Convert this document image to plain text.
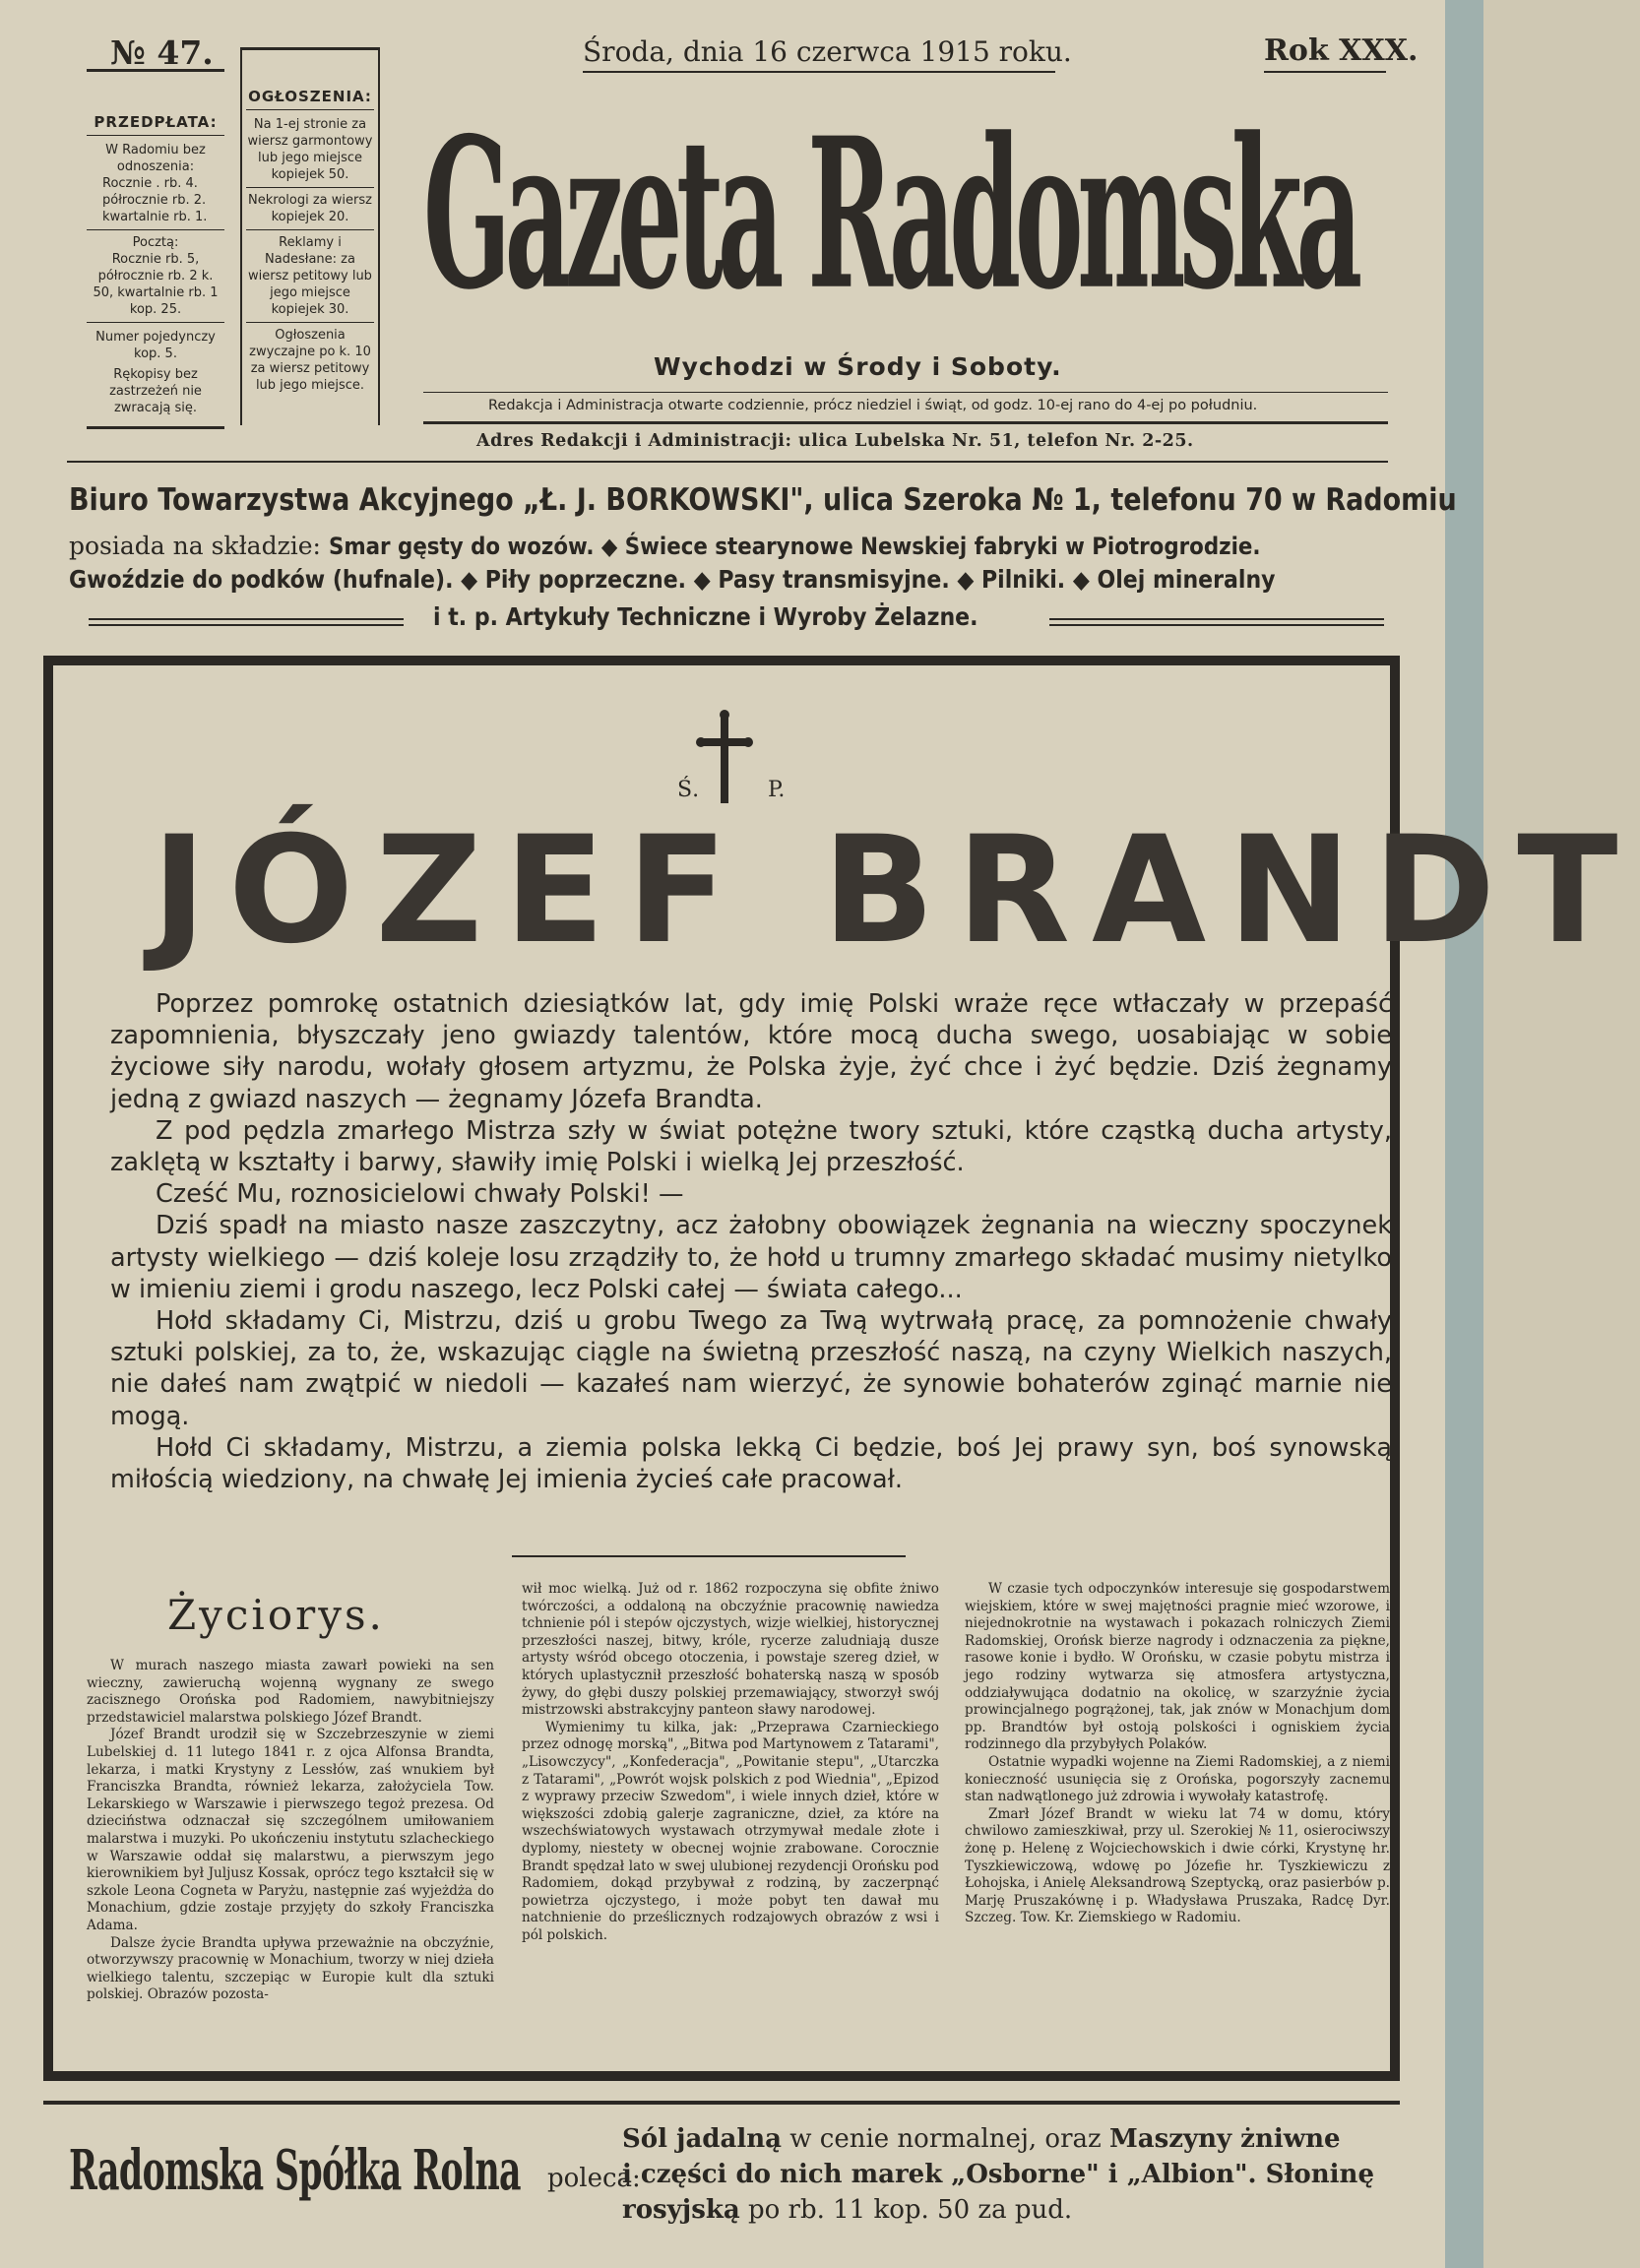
№ 47.	Środa, dnia 16 czerwca 1915 roku.	Rok XXX.
PRZEDPŁATA:
W Radomiu bez odnoszenia:
Rocznie . rb. 4.
półrocznie rb. 2.
kwartalnie rb. 1.
Pocztą:
Rocznie rb. 5, półrocznie rb. 2 k. 50, kwartalnie rb. 1 kop. 25.
Numer pojedynczy kop. 5.
Rękopisy bez zastrzeżeń nie zwracają się.
OGŁOSZENIA:
Na 1-ej stronie za wiersz garmontowy lub jego miejsce kopiejek 50.
Nekrologi za wiersz kopiejek 20.
Reklamy i Nadesłane: za wiersz petitowy lub jego miejsce kopiejek 30.
Ogłoszenia zwyczajne po k. 10 za wiersz petitowy lub jego miejsce.
Gazeta Radomska
Wychodzi w Środy i Soboty.
Redakcja i Administracja otwarte codziennie, prócz niedziel i świąt, od godz. 10-ej rano do 4-ej po południu.
Adres Redakcji i Administracji: ulica Lubelska Nr. 51, telefon Nr. 2-25.
Biuro Towarzystwa Akcyjnego „Ł. J. BORKOWSKI", ulica Szeroka № 1, telefonu 70 w Radomiu
posiada na składzie: Smar gęsty do wozów. ◆ Świece stearynowe Newskiej fabryki w Piotrogrodzie.
Gwoździe do podków (hufnale). ◆ Piły poprzeczne. ◆ Pasy transmisyjne. ◆ Pilniki. ◆ Olej mineralny
i t. p. Artykuły Techniczne i Wyroby Żelazne.
Ś.	P.
JÓZEF BRANDT

Poprzez pomrokę ostatnich dziesiątków lat, gdy imię Polski wraże ręce wtłaczały w przepaść zapomnienia, błyszczały jeno gwiazdy talentów, które mocą ducha swego, uosabiając w sobie życiowe siły narodu, wołały głosem artyzmu, że Polska żyje, żyć chce i żyć będzie. Dziś żegnamy jedną z gwiazd naszych — żegnamy Józefa Brandta.

Z pod pędzla zmarłego Mistrza szły w świat potężne twory sztuki, które cząstką ducha artysty, zaklętą w kształty i barwy, sławiły imię Polski i wielką Jej przeszłość.

Cześć Mu, roznosicielowi chwały Polski! —

Dziś spadł na miasto nasze zaszczytny, acz żałobny obowiązek żegnania na wieczny spoczynek artysty wielkiego — dziś koleje losu zrządziły to, że hołd u trumny zmarłego składać musimy nietylko w imieniu ziemi i grodu naszego, lecz Polski całej — świata całego...

Hołd składamy Ci, Mistrzu, dziś u grobu Twego za Twą wytrwałą pracę, za pomnożenie chwały sztuki polskiej, za to, że, wskazując ciągle na świetną przeszłość naszą, na czyny Wielkich naszych, nie dałeś nam zwątpić w niedoli — kazałeś nam wierzyć, że synowie bohaterów zginąć marnie nie mogą.

Hołd Ci składamy, Mistrzu, a ziemia polska lekką Ci będzie, boś Jej prawy syn, boś synowską miłością wiedziony, na chwałę Jej imienia życieś całe pracował.

Życiorys.

W murach naszego miasta zawarł powieki na sen wieczny, zawieruchą wojenną wygnany ze swego zacisznego Orońska pod Radomiem, nawybitniejszy przedstawiciel malarstwa polskiego Józef Brandt.

Józef Brandt urodził się w Szczebrzeszynie w ziemi Lubelskiej d. 11 lutego 1841 r. z ojca Alfonsa Brandta, lekarza, i matki Krystyny z Lessłów, zaś wnukiem był Franciszka Brandta, również lekarza, założyciela Tow. Lekarskiego w Warszawie i pierwszego tegoż prezesa. Od dzieciństwa odznaczał się szczególnem umiłowaniem malarstwa i muzyki. Po ukończeniu instytutu szlacheckiego w Warszawie oddał się malarstwu, a pierwszym jego kierownikiem był Juljusz Kossak, oprócz tego kształcił się w szkole Leona Cogneta w Paryżu, następnie zaś wyjeżdża do Monachium, gdzie zostaje przyjęty do szkoły Franciszka Adama.

Dalsze życie Brandta upływa przeważnie na obczyźnie, otworzywszy pracownię w Monachium, tworzy w niej dzieła wielkiego talentu, szczepiąc w Europie kult dla sztuki polskiej. Obrazów pozosta-

wił moc wielką. Już od r. 1862 rozpoczyna się obfite żniwo twórczości, a oddaloną na obczyźnie pracownię nawiedza tchnienie pól i stepów ojczystych, wizje wielkiej, historycznej przeszłości naszej, bitwy, króle, rycerze zaludniają dusze artysty wśród obcego otoczenia, i powstaje szereg dzieł, w których uplastycznił przeszłość bohaterską naszą w sposób żywy, do głębi duszy polskiej przemawiający, stworzył swój mistrzowski abstrakcyjny panteon sławy narodowej.

Wymienimy tu kilka, jak: „Przeprawa Czarnieckiego przez odnogę morską", „Bitwa pod Martynowem z Tatarami", „Lisowczycy", „Konfederacja", „Powitanie stepu", „Utarczka z Tatarami", „Powrót wojsk polskich z pod Wiednia", „Epizod z wyprawy przeciw Szwedom", i wiele innych dzieł, które w większości zdobią galerje zagraniczne, dzieł, za które na wszechświatowych wystawach otrzymywał medale złote i dyplomy, niestety w obecnej wojnie zrabowane. Corocznie Brandt spędzał lato w swej ulubionej rezydencji Orońsku pod Radomiem, dokąd przybywał z rodziną, by zaczerpnąć powietrza ojczystego, i może pobyt ten dawał mu natchnienie do prześlicznych rodzajowych obrazów z wsi i pól polskich.

W czasie tych odpoczynków interesuje się gospodarstwem wiejskiem, które w swej majętności pragnie mieć wzorowe, i niejednokrotnie na wystawach i pokazach rolniczych Ziemi Radomskiej, Orońsk bierze nagrody i odznaczenia za piękne, rasowe konie i bydło. W Orońsku, w czasie pobytu mistrza i jego rodziny wytwarza się atmosfera artystyczna, oddziaływująca dodatnio na okolicę, w szarzyźnie życia prowincjalnego pogrążonej, tak, jak znów w Monachjum dom pp. Brandtów był ostoją polskości i ogniskiem życia rodzinnego dla przybyłych Polaków.

Ostatnie wypadki wojenne na Ziemi Radomskiej, a z niemi konieczność usunięcia się z Orońska, pogorszyły zacnemu stan nadwątlonego już zdrowia i wywołały katastrofę.

Zmarł Józef Brandt w wieku lat 74 w domu, który chwilowo zamieszkiwał, przy ul. Szerokiej № 11, osierociwszy żonę p. Helenę z Wojciechowskich i dwie córki, Krystynę hr. Tyszkiewiczową, wdowę po Józefie hr. Tyszkiewiczu z Łohojska, i Anielę Aleksandrową Szeptycką, oraz pasierbów p. Marję Pruszakównę i p. Władysława Pruszaka, Radcę Dyr. Szczeg. Tow. Kr. Ziemskiego w Radomiu.

Radomska Spółka Rolna poleca:
Sól jadalną w cenie normalnej, oraz Maszyny żniwne
i części do nich marek „Osborne" i „Albion". Słoninę
rosyjską po rb. 11 kop. 50 za pud.
